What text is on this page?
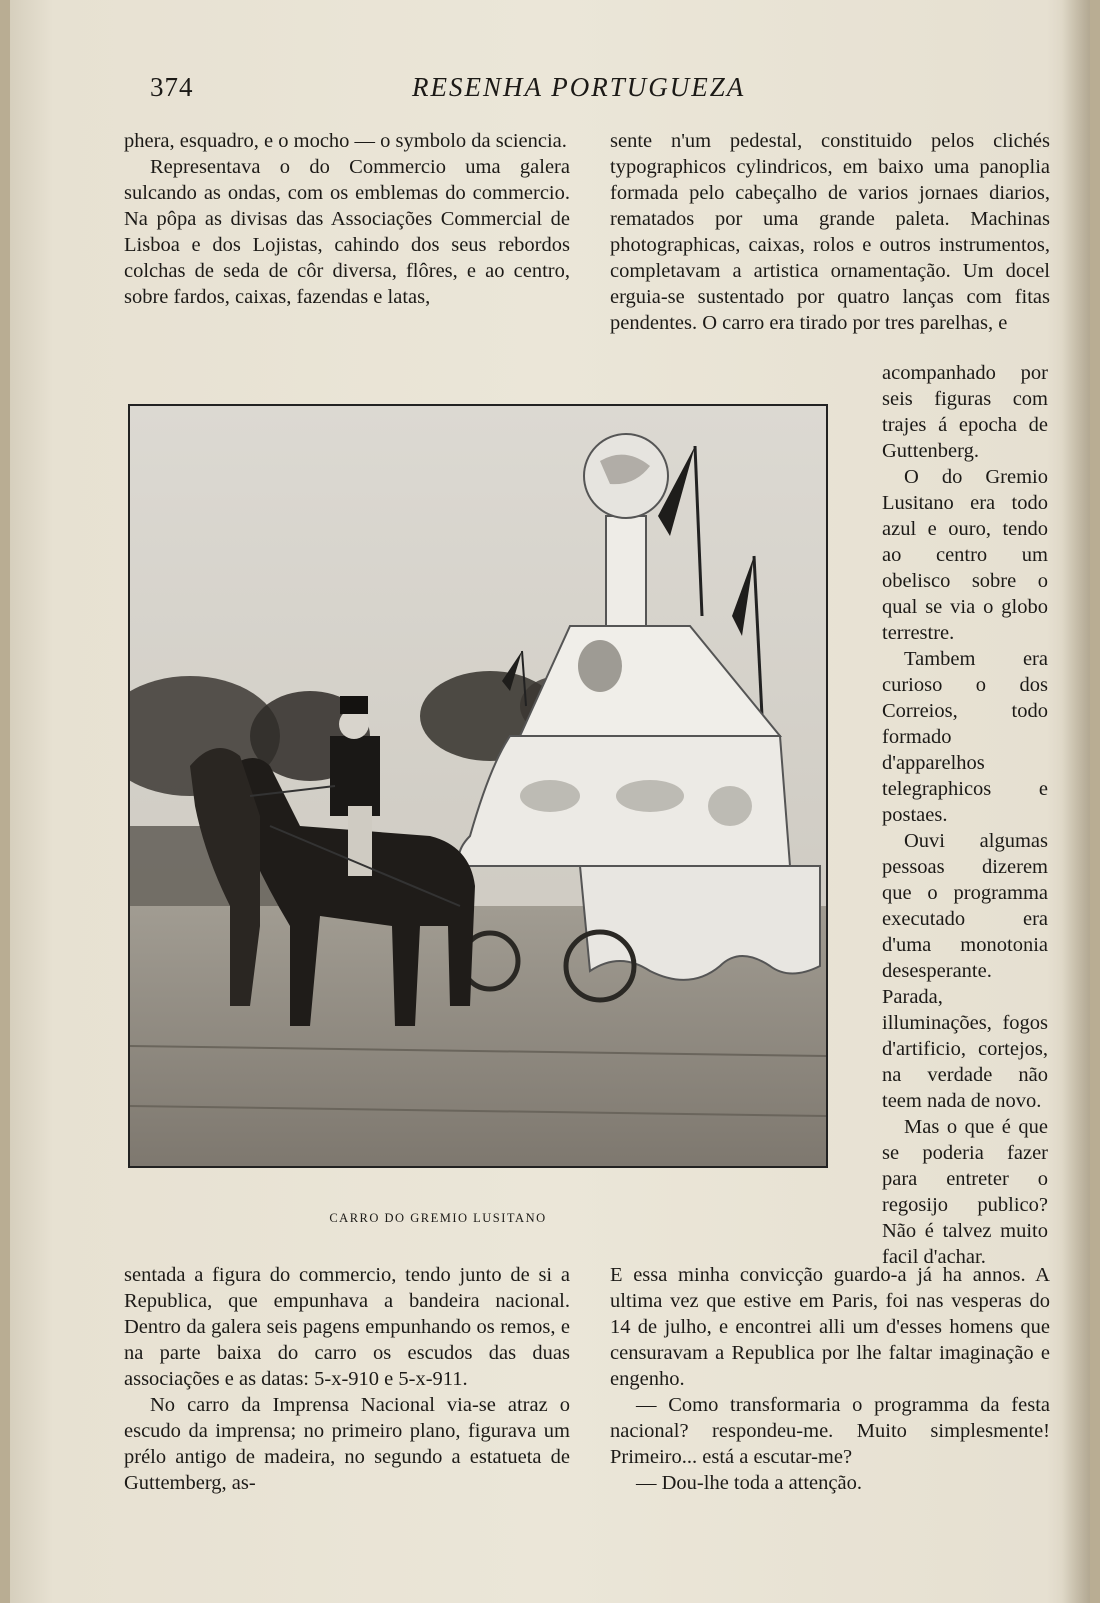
374	RESENHA PORTUGUEZA

phera, esquadro, e o mocho — o symbolo da sciencia.

Representava o do Commercio uma galera sulcando as ondas, com os emblemas do commercio. Na pôpa as divisas das Associações Commercial de Lisboa e dos Lojistas, cahindo dos seus rebordos colchas de seda de côr diversa, flôres, e ao centro, sobre fardos, caixas, fazendas e latas,

sente n'um pedestal, constituido pelos clichés typographicos cylindricos, em baixo uma panoplia formada pelo cabeçalho de varios jornaes diarios, rematados por uma grande paleta. Machinas photographicas, caixas, rolos e outros instrumentos, completavam a artistica ornamentação. Um docel erguia-se sustentado por quatro lanças com fitas pendentes. O carro era tirado por tres parelhas, e

acompanhado por seis figuras com trajes á epocha de Guttenberg.

O do Gremio Lusitano era todo azul e ouro, tendo ao centro um obelisco sobre o qual se via o globo terrestre.

Tambem era curioso o dos Correios, todo formado d'apparelhos telegraphicos e postaes.

Ouvi algumas pessoas dizerem que o programma executado era d'uma monotonia desesperante. Parada, illuminações, fogos d'artificio, cortejos, na verdade não teem nada de novo.

Mas o que é que se poderia fazer para entreter o regosijo publico? Não é talvez muito facil d'achar.

CARRO DO GREMIO LUSITANO

sentada a figura do commercio, tendo junto de si a Republica, que empunhava a bandeira nacional. Dentro da galera seis pagens empunhando os remos, e na parte baixa do carro os escudos das duas associações e as datas: 5-x-910 e 5-x-911.

No carro da Imprensa Nacional via-se atraz o escudo da imprensa; no primeiro plano, figurava um prélo antigo de madeira, no segundo a estatueta de Guttemberg, as-

E essa minha convicção guardo-a já ha annos. A ultima vez que estive em Paris, foi nas vesperas do 14 de julho, e encontrei alli um d'esses homens que censuravam a Republica por lhe faltar imaginação e engenho.

— Como transformaria o programma da festa nacional? respondeu-me. Muito simplesmente! Primeiro... está a escutar-me?

— Dou-lhe toda a attenção.
